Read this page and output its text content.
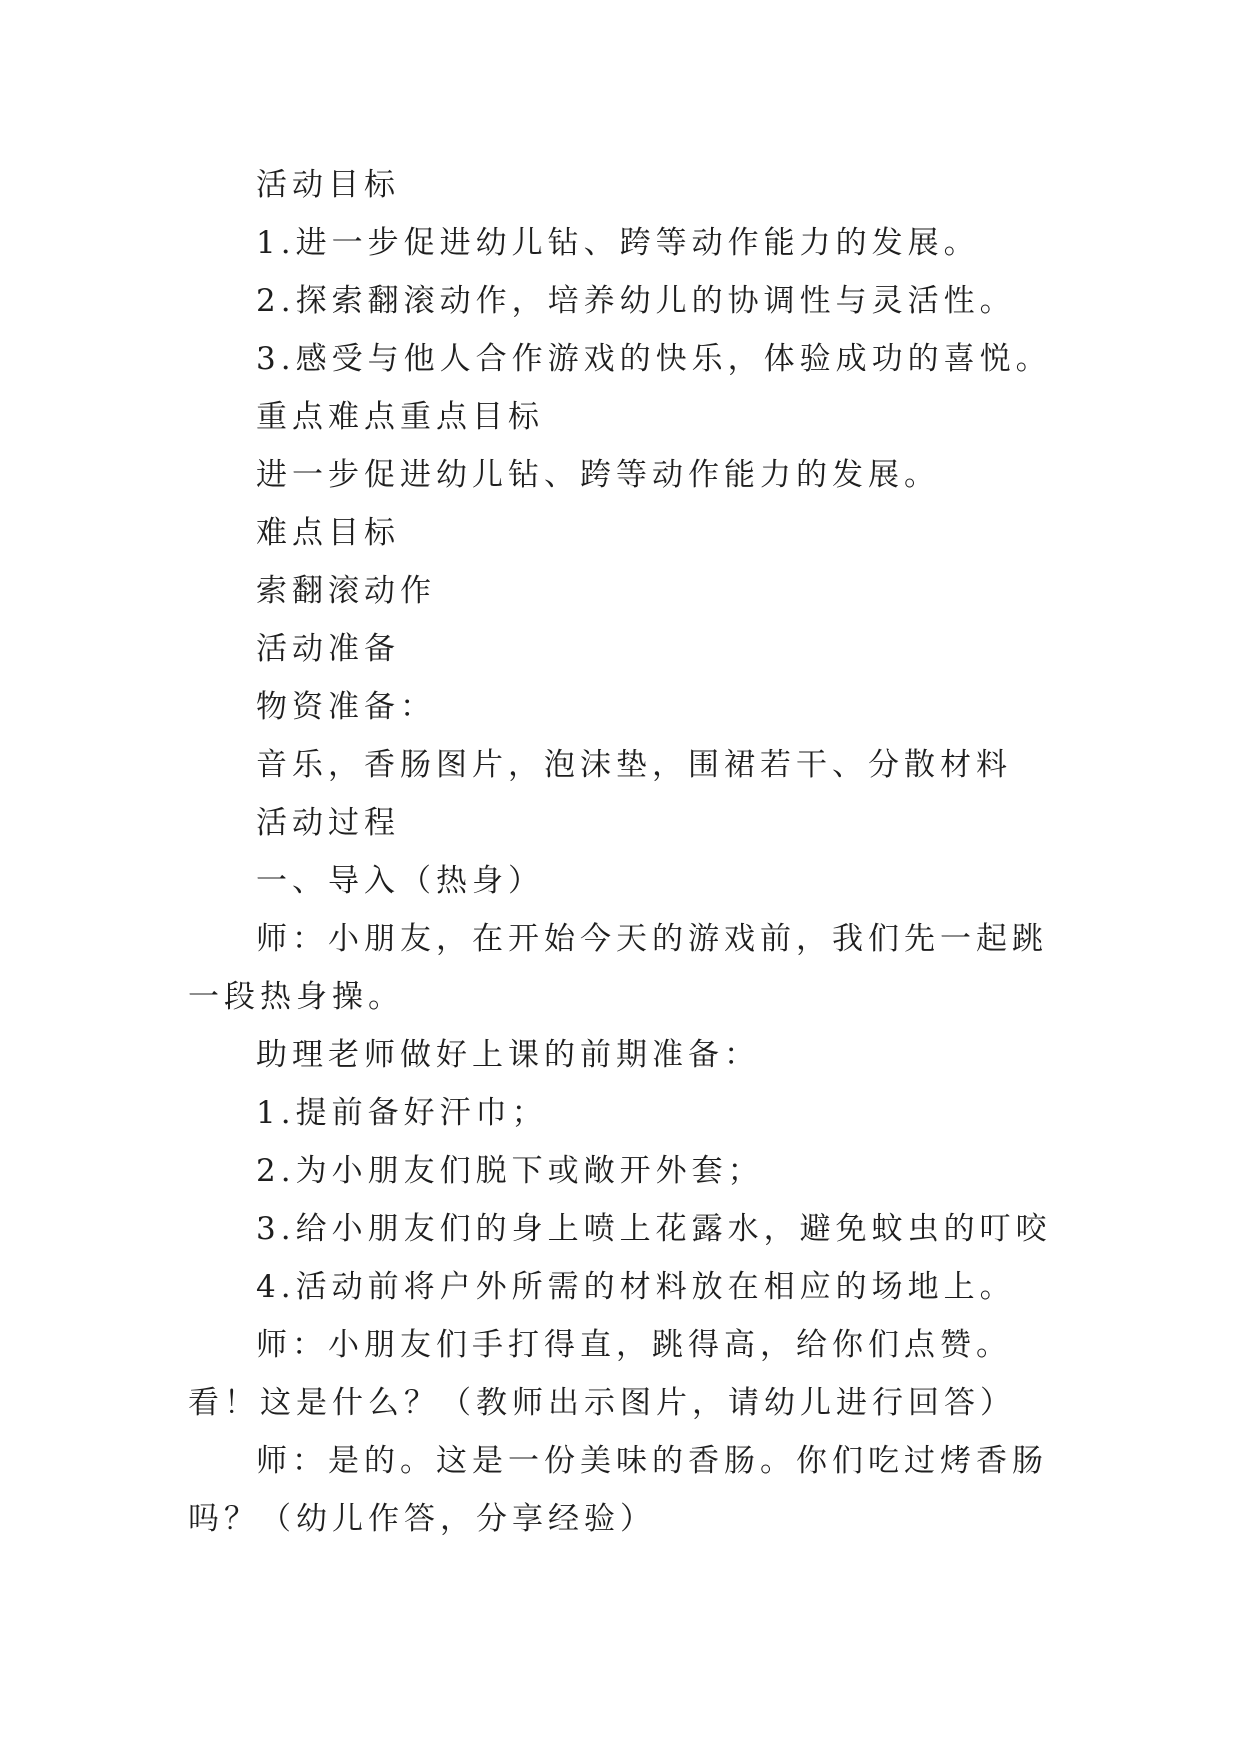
活动目标

1.进一步促进幼儿钻、跨等动作能力的发展。

2.探索翻滚动作，培养幼儿的协调性与灵活性。

3.感受与他人合作游戏的快乐，体验成功的喜悦。

重点难点重点目标

进一步促进幼儿钻、跨等动作能力的发展。

难点目标

索翻滚动作

活动准备

物资准备：

音乐，香肠图片，泡沫垫，围裙若干、分散材料

活动过程

一、导入（热身）

师：小朋友，在开始今天的游戏前，我们先一起跳一段热身操。

助理老师做好上课的前期准备：

1.提前备好汗巾；

2.为小朋友们脱下或敞开外套；

3.给小朋友们的身上喷上花露水，避免蚊虫的叮咬

4.活动前将户外所需的材料放在相应的场地上。

师：小朋友们手打得直，跳得高，给你们点赞。看！这是什么？（教师出示图片，请幼儿进行回答）

师：是的。这是一份美味的香肠。你们吃过烤香肠吗？（幼儿作答，分享经验）
